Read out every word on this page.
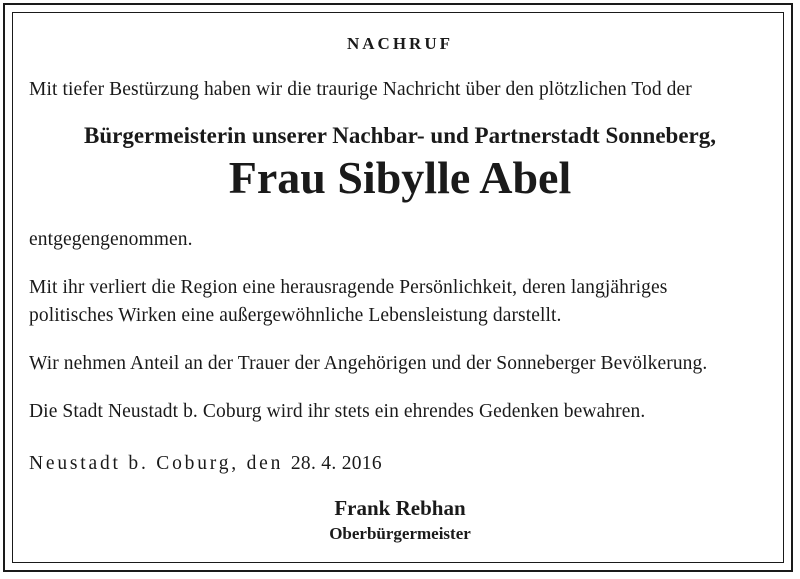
NACHRUF

Mit tiefer Bestürzung haben wir die traurige Nachricht über den plötzlichen Tod der

Bürgermeisterin unserer Nachbar- und Partnerstadt Sonneberg,

Frau Sibylle Abel

entgegengenommen.

Mit ihr verliert die Region eine herausragende Persönlichkeit, deren langjähriges

politisches Wirken eine außergewöhnliche Lebensleistung darstellt.

Wir nehmen Anteil an der Trauer der Angehörigen und der Sonneberger Bevölkerung.

Die Stadt Neustadt b. Coburg wird ihr stets ein ehrendes Gedenken bewahren.

Neustadt b. Coburg, den 28. 4. 2016

Frank Rebhan

Oberbürgermeister
